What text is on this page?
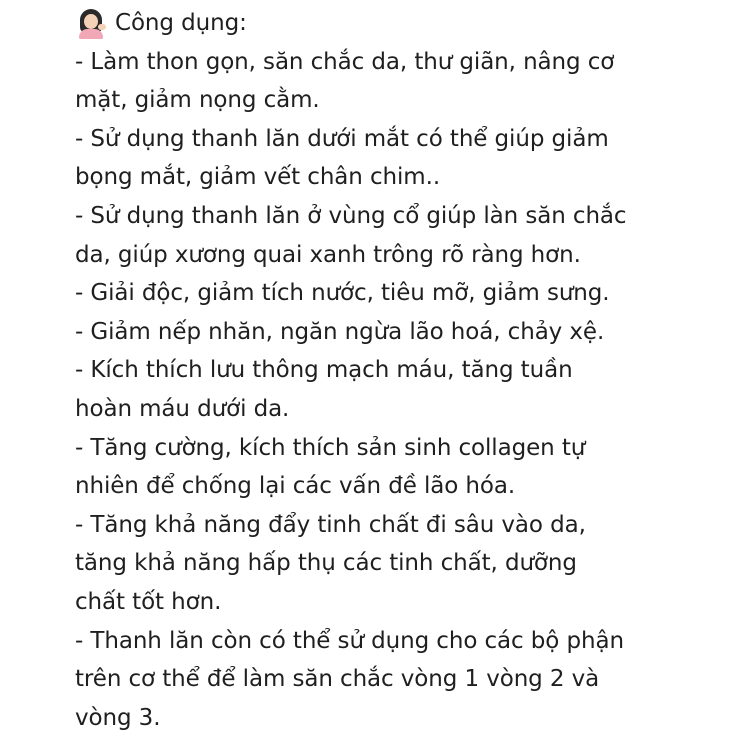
Công dụng:
- Làm thon gọn, săn chắc da, thư giãn, nâng cơ
mặt, giảm nọng cằm.
- Sử dụng thanh lăn dưới mắt có thể giúp giảm
bọng mắt, giảm vết chân chim..
- Sử dụng thanh lăn ở vùng cổ giúp làn săn chắc
da, giúp xương quai xanh trông rõ ràng hơn.
- Giải độc, giảm tích nước, tiêu mỡ, giảm sưng.
- Giảm nếp nhăn, ngăn ngừa lão hoá, chảy xệ.
- Kích thích lưu thông mạch máu, tăng tuần
hoàn máu dưới da.
- Tăng cường, kích thích sản sinh collagen tự
nhiên để chống lại các vấn đề lão hóa.
- Tăng khả năng đẩy tinh chất đi sâu vào da,
tăng khả năng hấp thụ các tinh chất, dưỡng
chất tốt hơn.
- Thanh lăn còn có thể sử dụng cho các bộ phận
trên cơ thể để làm săn chắc vòng 1 vòng 2 và
vòng 3.
